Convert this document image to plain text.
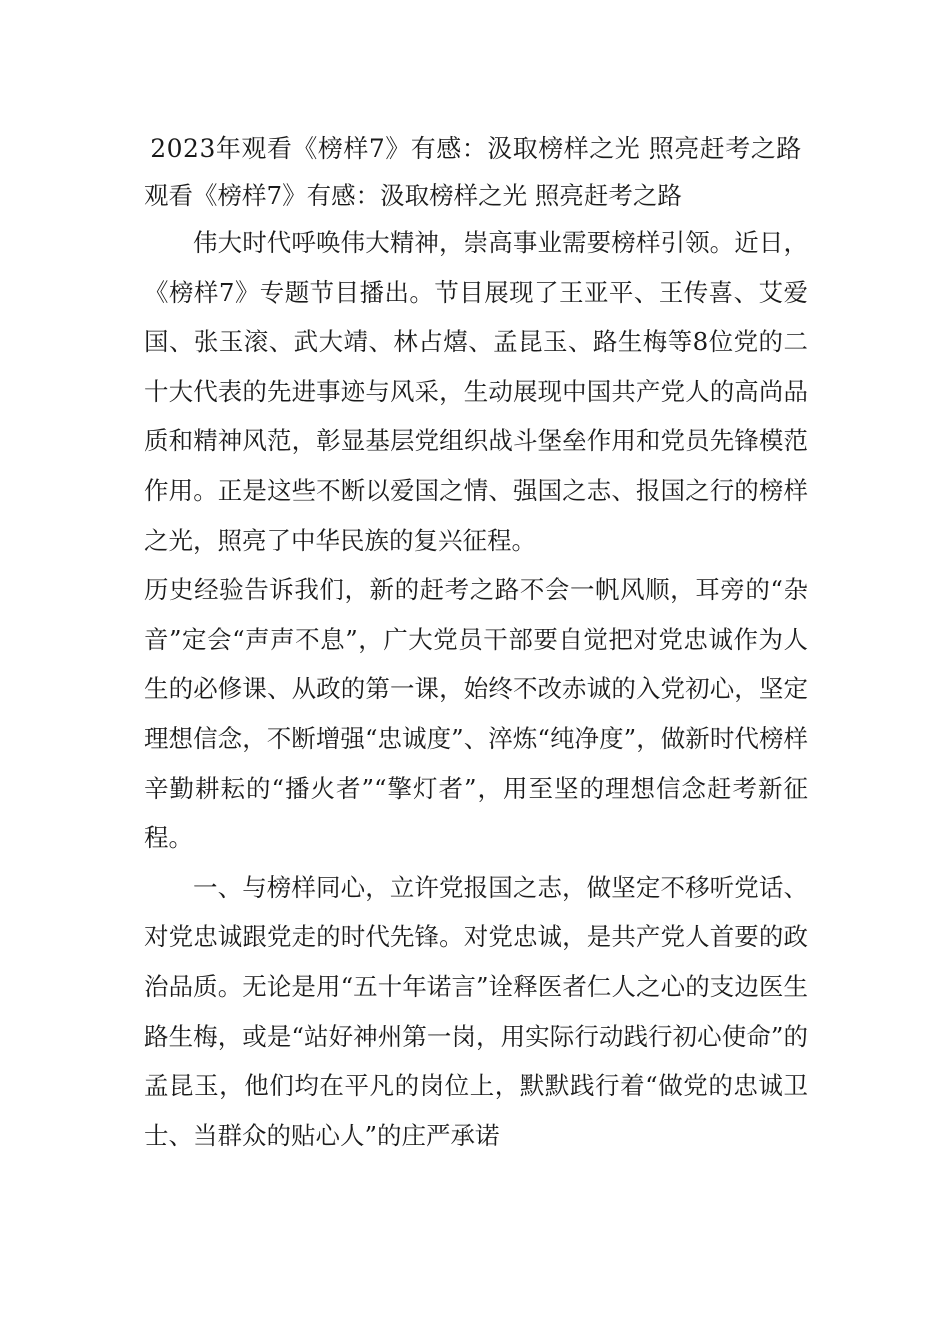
2023年观看《榜样7》有感：汲取榜样之光 照亮赶考之路

观看《榜样7》有感：汲取榜样之光 照亮赶考之路

伟大时代呼唤伟大精神，崇高事业需要榜样引领。近日，《榜样7》专题节目播出。节目展现了王亚平、王传喜、艾爱国、张玉滚、武大靖、林占熺、孟昆玉、路生梅等8位党的二十大代表的先进事迹与风采，生动展现中国共产党人的高尚品质和精神风范，彰显基层党组织战斗堡垒作用和党员先锋模范作用。正是这些不断以爱国之情、强国之志、报国之行的榜样之光，照亮了中华民族的复兴征程。

历史经验告诉我们，新的赶考之路不会一帆风顺，耳旁的“杂音”定会“声声不息”，广大党员干部要自觉把对党忠诚作为人生的必修课、从政的第一课，始终不改赤诚的入党初心，坚定理想信念，不断增强“忠诚度”、淬炼“纯净度”，做新时代榜样辛勤耕耘的“播火者”“擎灯者”，用至坚的理想信念赶考新征程。

一、与榜样同心，立许党报国之志，做坚定不移听党话、对党忠诚跟党走的时代先锋。对党忠诚，是共产党人首要的政治品质。无论是用“五十年诺言”诠释医者仁人之心的支边医生路生梅，或是“站好神州第一岗，用实际行动践行初心使命”的孟昆玉，他们均在平凡的岗位上，默默践行着“做党的忠诚卫士、当群众的贴心人”的庄严承诺
